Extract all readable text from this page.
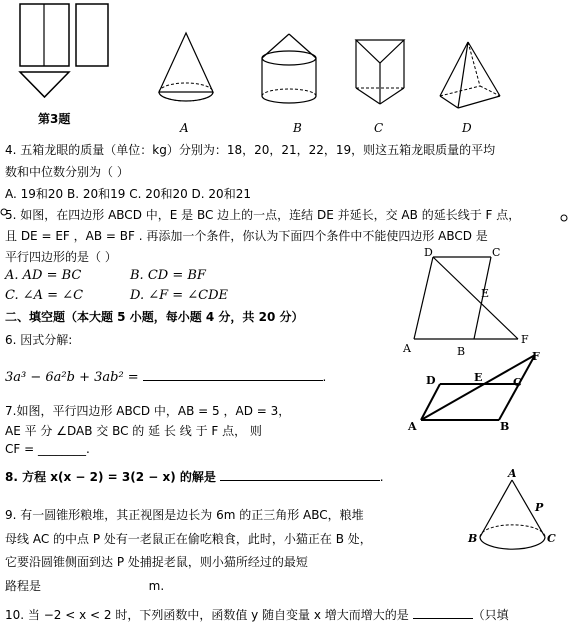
第3题
A	B	C	D
4. 五箱龙眼的质量（单位：kg）分别为：18，20，21，22，19，则这五箱龙眼质量的平均
数和中位数分别为（ ）
A. 19和20 B. 20和19 C. 20和20 D. 20和21
5. 如图，在四边形 ABCD 中，E 是 BC 边上的一点，连结 DE 并延长，交 AB 的延长线于 F 点，
且 DE = EF ，AB = BF . 再添加一个条件，你认为下面四个条件中不能使四边形 ABCD 是
平行四边形的是（ ）
A. AD = BC	B. CD = BF
C. ∠A = ∠C	D. ∠F = ∠CDE
D	C
E
A	B
F
二、填空题（本大题 5 小题，每小题 4 分，共 20 分）
6. 因式分解:
3a³ − 6a²b + 3ab² =	.
7.如图，平行四边形 ABCD 中，AB = 5 ，AD = 3，
AE 平 分 ∠DAB 交 BC 的 延 长 线 于 F 点， 则
CF = ________.
F
D	E	C
A	B
8. 方程 x(x − 2) = 3(2 − x) 的解是	.
9. 有一圆锥形粮堆，其正视图是边长为 6m 的正三角形 ABC，粮堆
母线 AC 的中点 P 处有一老鼠正在偷吃粮食，此时，小猫正在 B 处，
它要沿圆锥侧面到达 P 处捕捉老鼠，则小猫所经过的最短
路程是	m.
A
P
B	C
10. 当 −2 < x < 2 时，下列函数中，函数值 y 随自变量 x 增大而增大的是	（只填
